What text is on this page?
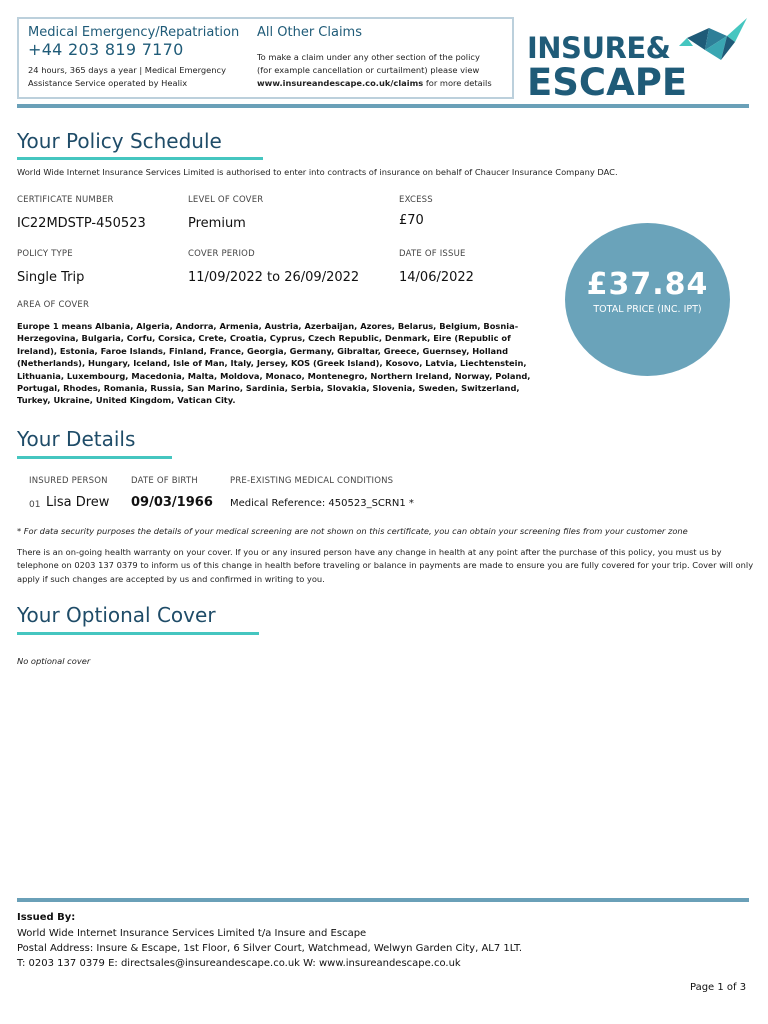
Medical Emergency/Repatriation
+44 203 819 7170
24 hours, 365 days a year | Medical Emergency
Assistance Service operated by Healix
All Other Claims
To make a claim under any other section of the policy
(for example cancellation or curtailment) please view
www.insureandescape.co.uk/claims for more details
INSURE&
ESCAPE
Your Policy Schedule
World Wide Internet Insurance Services Limited is authorised to enter into contracts of insurance on behalf of Chaucer Insurance Company DAC.
CERTIFICATE NUMBER
IC22MDSTP-450523
LEVEL OF COVER
Premium
EXCESS
£70
POLICY TYPE
Single Trip
COVER PERIOD
11/09/2022 to 26/09/2022
DATE OF ISSUE
14/06/2022
AREA OF COVER
Europe 1 means Albania, Algeria, Andorra, Armenia, Austria, Azerbaijan, Azores, Belarus, Belgium, Bosnia-Herzegovina, Bulgaria, Corfu, Corsica, Crete, Croatia, Cyprus, Czech Republic, Denmark, Eire (Republic of Ireland), Estonia, Faroe Islands, Finland, France, Georgia, Germany, Gibraltar, Greece, Guernsey, Holland (Netherlands), Hungary, Iceland, Isle of Man, Italy, Jersey, KOS (Greek Island), Kosovo, Latvia, Liechtenstein, Lithuania, Luxembourg, Macedonia, Malta, Moldova, Monaco, Montenegro, Northern Ireland, Norway, Poland, Portugal, Rhodes, Romania, Russia, San Marino, Sardinia, Serbia, Slovakia, Slovenia, Sweden, Switzerland, Turkey, Ukraine, United Kingdom, Vatican City.
£37.84
TOTAL PRICE (INC. IPT)
Your Details
INSURED PERSON	DATE OF BIRTH	PRE-EXISTING MEDICAL CONDITIONS
01 Lisa Drew 09/03/1966 Medical Reference: 450523_SCRN1 *
* For data security purposes the details of your medical screening are not shown on this certificate, you can obtain your screening files from your customer zone
There is an on-going health warranty on your cover. If you or any insured person have any change in health at any point after the purchase of this policy, you must us by telephone on 0203 137 0379 to inform us of this change in health before traveling or balance in payments are made to ensure you are fully covered for your trip. Cover will only apply if such changes are accepted by us and confirmed in writing to you.
Your Optional Cover
No optional cover
Issued By:
World Wide Internet Insurance Services Limited t/a Insure and Escape
Postal Address: Insure & Escape, 1st Floor, 6 Silver Court, Watchmead, Welwyn Garden City, AL7 1LT.
T: 0203 137 0379 E: directsales@insureandescape.co.uk W: www.insureandescape.co.uk
Page 1 of 3
